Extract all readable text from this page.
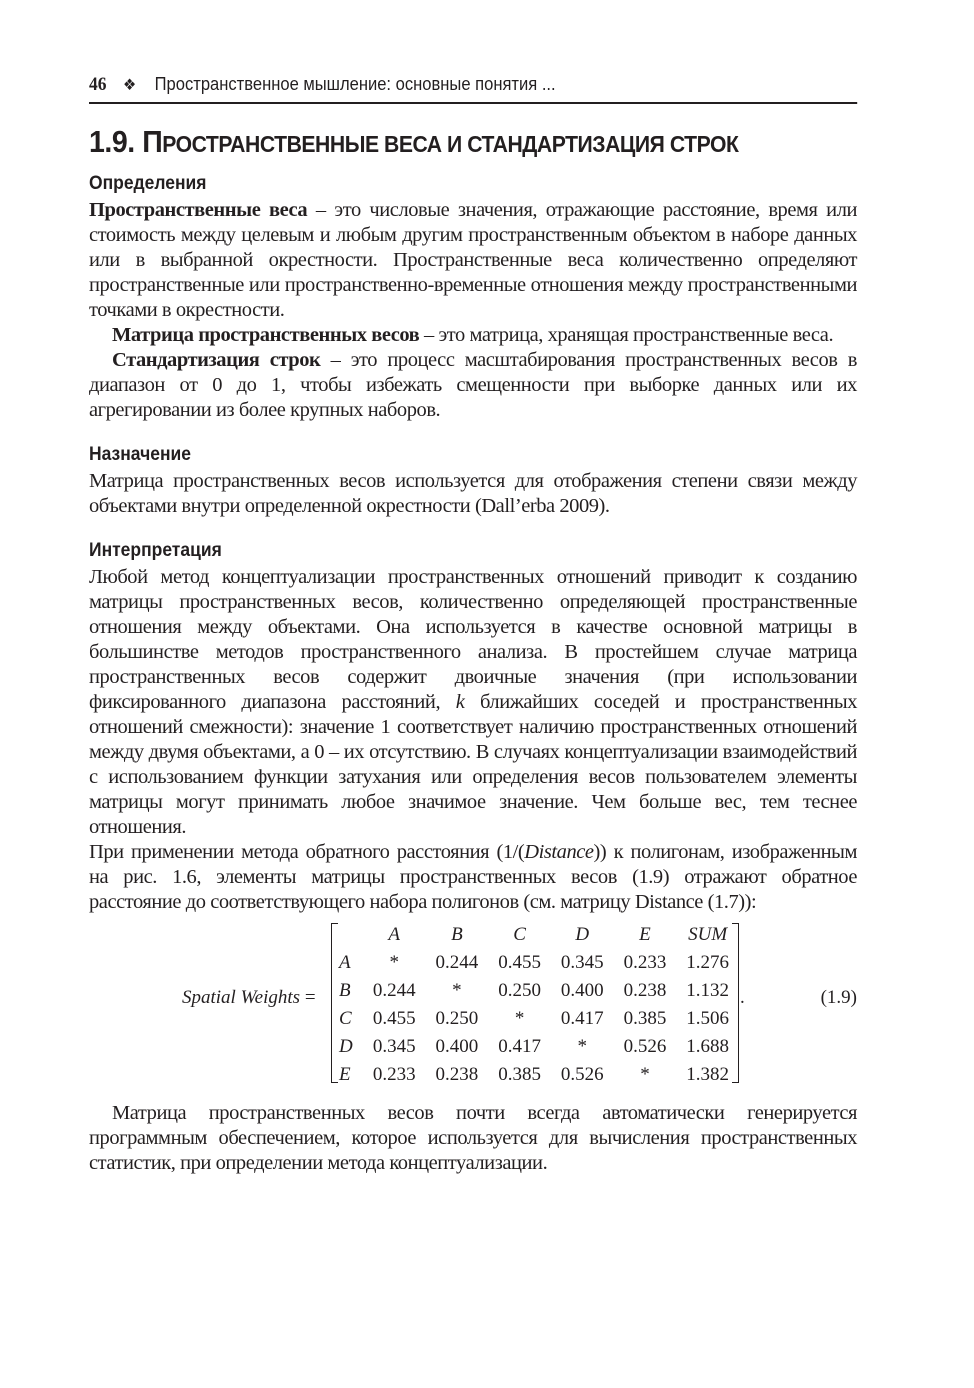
46 ❖ Пространственное мышление: основные понятия ...
1.9. ПРОСТРАНСТВЕННЫЕ ВЕСА И СТАНДАРТИЗАЦИЯ СТРОК
Определения

Пространственные веса – это числовые значения, отражающие расстояние, время или стоимость между целевым и любым другим пространственным объектом в наборе данных или в выбранной окрестности. Пространственные веса количественно определяют пространственные или пространственно-временные отношения между пространственными точками в окрестности.

Матрица пространственных весов – это матрица, хранящая пространственные веса.

Стандартизация строк – это процесс масштабирования пространственных весов в диапазон от 0 до 1, чтобы избежать смещенности при выборке данных или их агрегировании из более крупных наборов.

Назначение

Матрица пространственных весов используется для отображения степени связи между объектами внутри определенной окрестности (Dall’erba 2009).

Интерпретация

Любой метод концептуализации пространственных отношений приводит к созданию матрицы пространственных весов, количественно определяющей пространственные отношения между объектами. Она используется в качестве основной матрицы в большинстве методов пространственного анализа. В простейшем случае матрица пространственных весов содержит двоичные значения (при использовании фиксированного диапазона расстояний, k ближайших соседей и пространственных отношений смежности): значение 1 соответствует наличию пространственных отношений между двумя объектами, а 0 – их отсутствию. В случаях концептуализации взаимодействий с использованием функции затухания или определения весов пользователем элементы матрицы могут принимать любое значимое значение. Чем больше вес, тем теснее отношения.

При применении метода обратного расстояния (1/(Distance)) к полигонам, изображенным на рис. 1.6, элементы матрицы пространственных весов (1.9) отражают обратное расстояние до соответствующего набора полигонов (см. матрицу Distance (1.7)):

Spatial Weights =
	A	B	C	D	E	SUM
A	*	0.244	0.455	0.345	0.233	1.276
B	0.244	*	0.250	0.400	0.238	1.132
C	0.455	0.250	*	0.417	0.385	1.506
D	0.345	0.400	0.417	*	0.526	1.688
E	0.233	0.238	0.385	0.526	*	1.382
.	(1.9)

Матрица пространственных весов почти всегда автоматически генерируется программным обеспечением, которое используется для вычисления пространственных статистик, при определении метода концептуализации.
